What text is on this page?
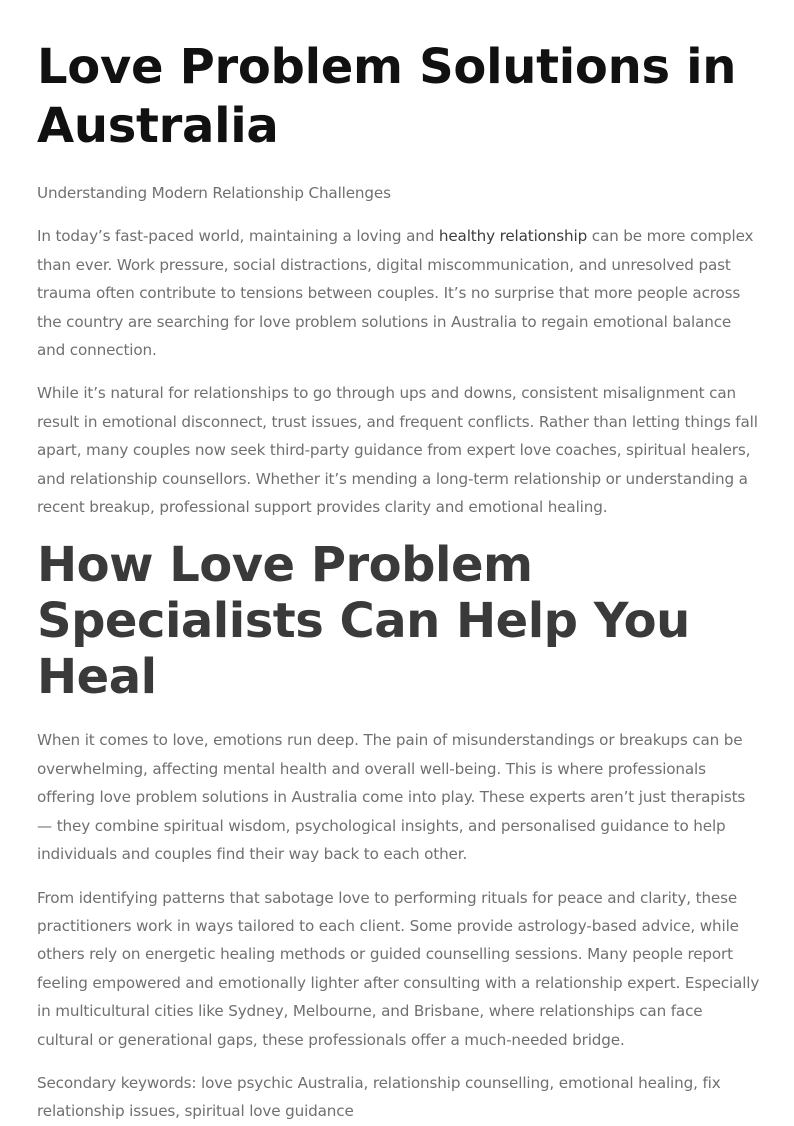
Love Problem Solutions in Australia

Understanding Modern Relationship Challenges

In today’s fast-paced world, maintaining a loving and healthy relationship can be more complex than ever. Work pressure, social distractions, digital miscommunication, and unresolved past trauma often contribute to tensions between couples. It’s no surprise that more people across the country are searching for love problem solutions in Australia to regain emotional balance and connection.

While it’s natural for relationships to go through ups and downs, consistent misalignment can result in emotional disconnect, trust issues, and frequent conflicts. Rather than letting things fall apart, many couples now seek third-party guidance from expert love coaches, spiritual healers, and relationship counsellors. Whether it’s mending a long-term relationship or understanding a recent breakup, professional support provides clarity and emotional healing.

How Love Problem Specialists Can Help You Heal

When it comes to love, emotions run deep. The pain of misunderstandings or breakups can be overwhelming, affecting mental health and overall well-being. This is where professionals offering love problem solutions in Australia come into play. These experts aren’t just therapists — they combine spiritual wisdom, psychological insights, and personalised guidance to help individuals and couples find their way back to each other.

From identifying patterns that sabotage love to performing rituals for peace and clarity, these practitioners work in ways tailored to each client. Some provide astrology-based advice, while others rely on energetic healing methods or guided counselling sessions. Many people report feeling empowered and emotionally lighter after consulting with a relationship expert. Especially in multicultural cities like Sydney, Melbourne, and Brisbane, where relationships can face cultural or generational gaps, these professionals offer a much-needed bridge.

Secondary keywords: love psychic Australia, relationship counselling, emotional healing, fix relationship issues, spiritual love guidance
